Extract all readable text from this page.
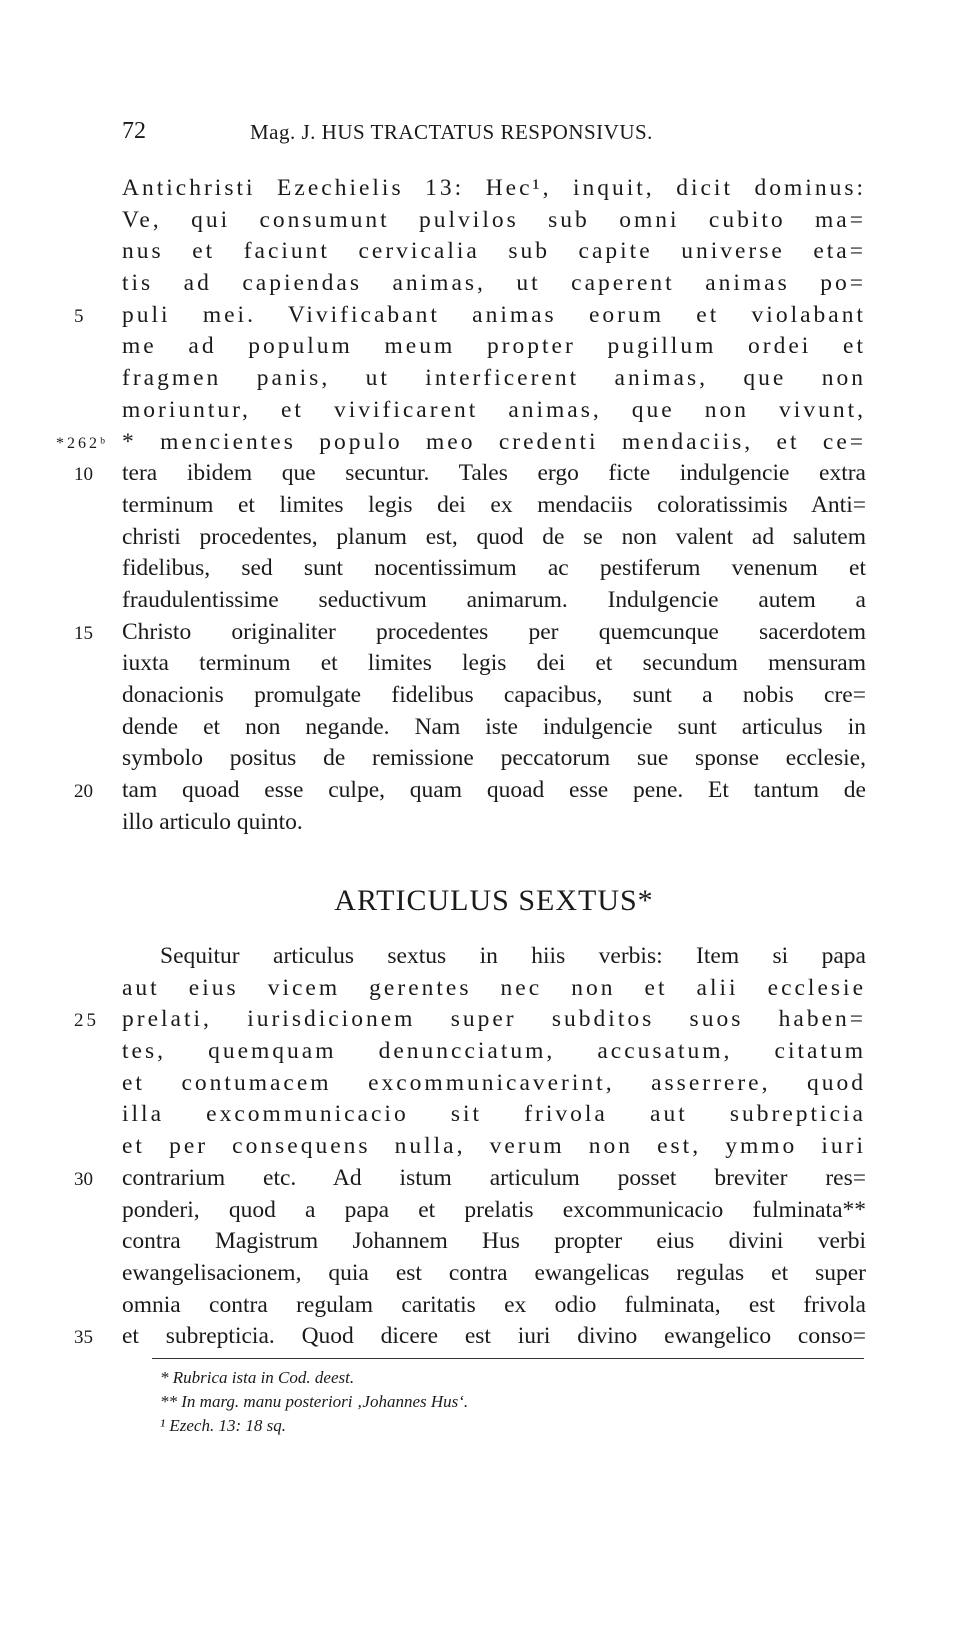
72	Mag. J. HUS TRACTATUS RESPONSIVUS.
Antichristi Ezechielis 13: Hec¹, inquit, dicit dominus:
Ve, qui consumunt pulvilos sub omni cubito ma=
nus et faciunt cervicalia sub capite universe eta=
tis ad capiendas animas, ut caperent animas po=
5	puli mei. Vivificabant animas eorum et violabant
me ad populum meum propter pugillum ordei et
fragmen panis, ut interficerent animas, que non
moriuntur, et vivificarent animas, que non vivunt,
*262ᵇ * mencientes populo meo credenti mendaciis, et ce=
10	tera ibidem que secuntur. Tales ergo ficte indulgencie extra
terminum et limites legis dei ex mendaciis coloratissimis Anti=
christi procedentes, planum est, quod de se non valent ad salutem
fidelibus, sed sunt nocentissimum ac pestiferum venenum et
fraudulentissime seductivum animarum. Indulgencie autem a
15	Christo originaliter procedentes per quemcunque sacerdotem
iuxta terminum et limites legis dei et secundum mensuram
donacionis promulgate fidelibus capacibus, sunt a nobis cre=
dende et non negande. Nam iste indulgencie sunt articulus in
symbolo positus de remissione peccatorum sue sponse ecclesie,
20	tam quoad esse culpe, quam quoad esse pene. Et tantum de
illo articulo quinto.
ARTICULUS SEXTUS*
Sequitur articulus sextus in hiis verbis: Item si papa
aut eius vicem gerentes nec non et alii ecclesie
25 prelati, iurisdicionem super subditos suos haben=
tes, quemquam denuncciatum, accusatum, citatum
et contumacem excommunicaverint, asserrere, quod
illa excommunicacio sit frivola aut subrepticia
et per consequens nulla, verum non est, ymmo iuri
30	contrarium etc. Ad istum articulum posset breviter res=
ponderi, quod a papa et prelatis excommunicacio fulminata**
contra Magistrum Johannem Hus propter eius divini verbi
ewangelisacionem, quia est contra ewangelicas regulas et super
omnia contra regulam caritatis ex odio fulminata, est frivola
35	et subrepticia. Quod dicere est iuri divino ewangelico conso=
* Rubrica ista in Cod. deest.
** In marg. manu posteriori ‚Johannes Hus‘.
¹ Ezech. 13: 18 sq.
